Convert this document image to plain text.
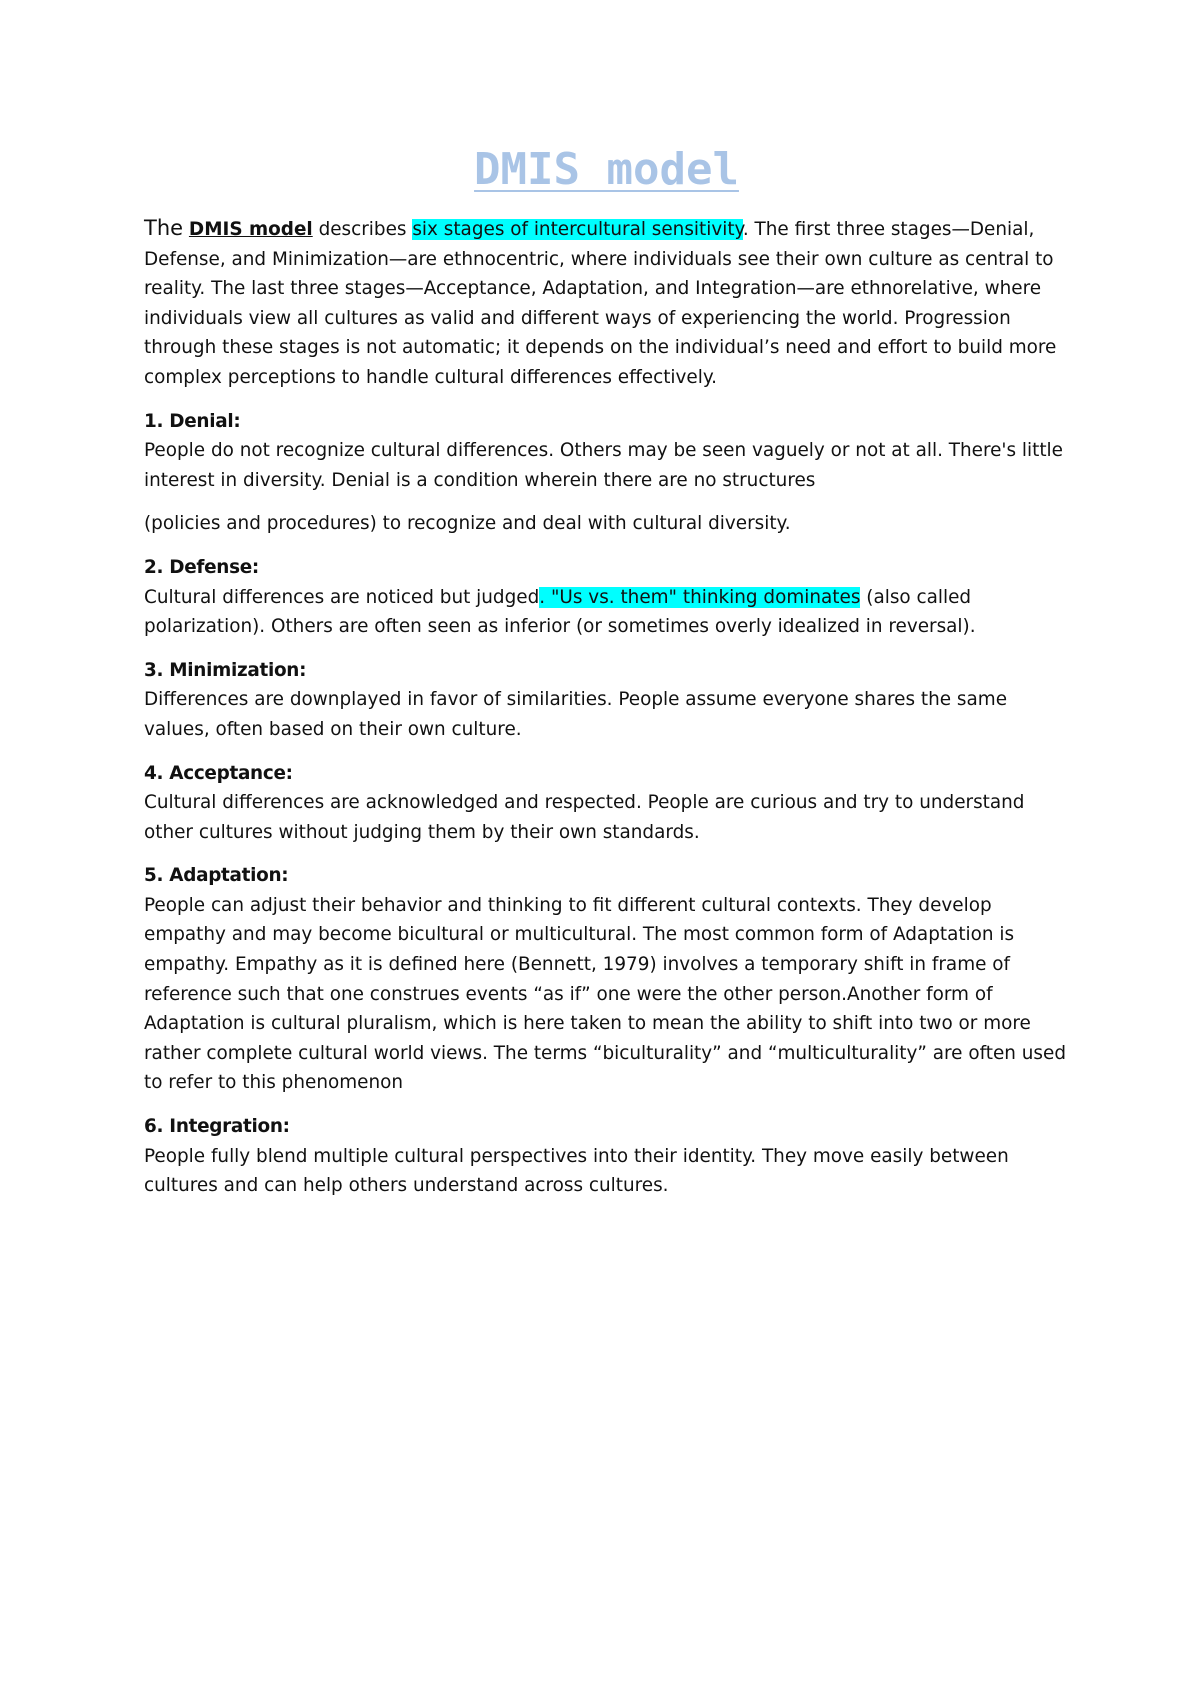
DMIS model

The DMIS model describes six stages of intercultural sensitivity. The first three stages—Denial, Defense, and Minimization—are ethnocentric, where individuals see their own culture as central to reality. The last three stages—Acceptance, Adaptation, and Integration—are ethnorelative, where individuals view all cultures as valid and different ways of experiencing the world. Progression through these stages is not automatic; it depends on the individual’s need and effort to build more complex perceptions to handle cultural differences effectively.

1. Denial:

People do not recognize cultural differences. Others may be seen vaguely or not at all. There's little interest in diversity. Denial is a condition wherein there are no structures

(policies and procedures) to recognize and deal with cultural diversity.

2. Defense:

Cultural differences are noticed but judged. "Us vs. them" thinking dominates (also called polarization). Others are often seen as inferior (or sometimes overly idealized in reversal).

3. Minimization:

Differences are downplayed in favor of similarities. People assume everyone shares the same values, often based on their own culture.

4. Acceptance:

Cultural differences are acknowledged and respected. People are curious and try to understand other cultures without judging them by their own standards.

5. Adaptation:

People can adjust their behavior and thinking to fit different cultural contexts. They develop empathy and may become bicultural or multicultural. The most common form of Adaptation is empathy. Empathy as it is defined here (Bennett, 1979) involves a temporary shift in frame of reference such that one construes events “as if” one were the other person.Another form of Adaptation is cultural pluralism, which is here taken to mean the ability to shift into two or more rather complete cultural world views. The terms “biculturality” and “multiculturality” are often used to refer to this phenomenon

6. Integration:

People fully blend multiple cultural perspectives into their identity. They move easily between cultures and can help others understand across cultures.
